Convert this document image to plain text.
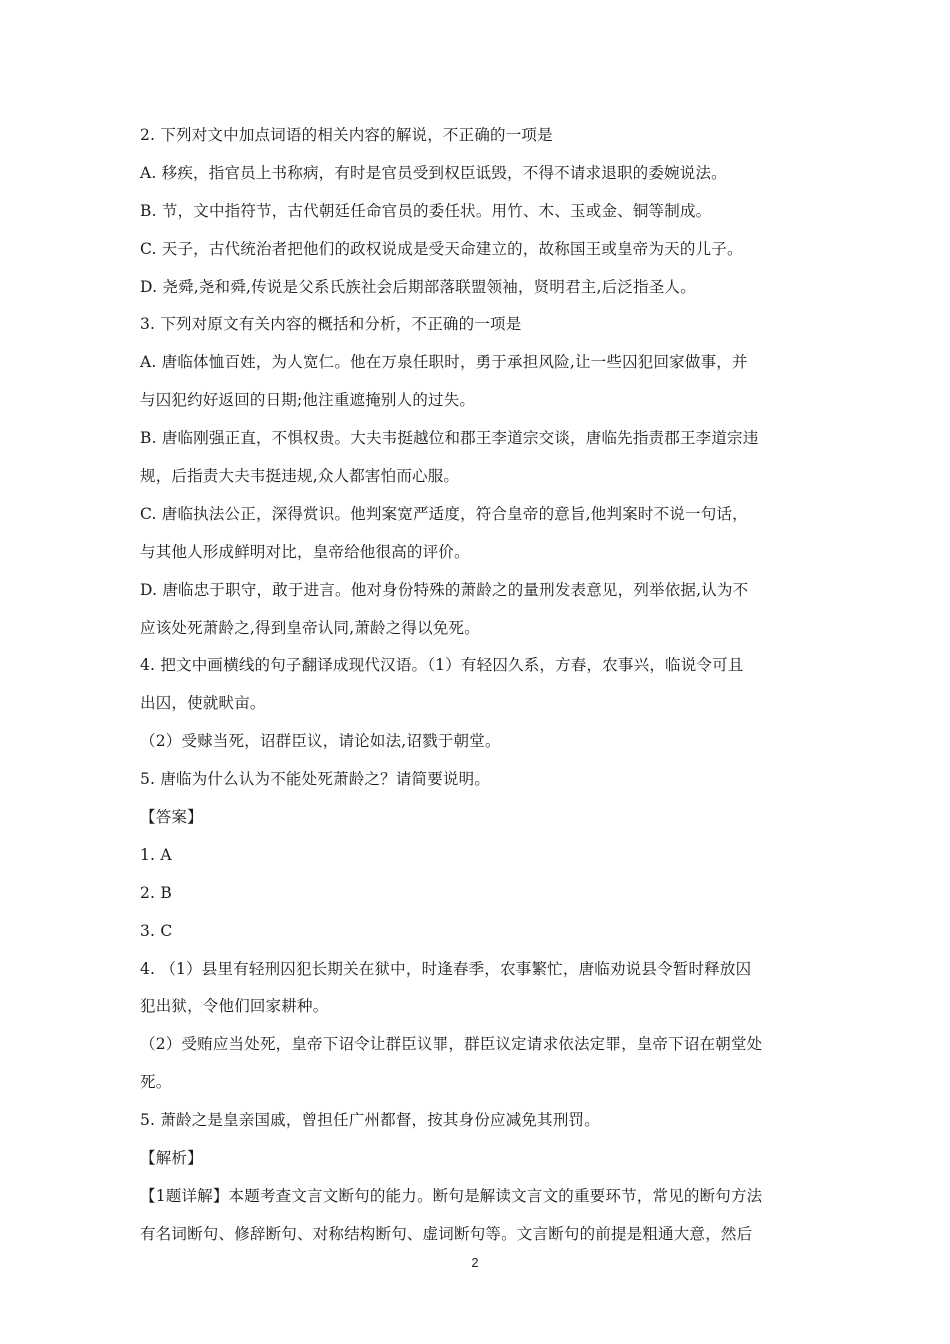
2. 下列对文中加点词语的相关内容的解说，不正确的一项是
A. 移疾，指官员上书称病，有时是官员受到权臣诋毁，不得不请求退职的委婉说法。
B. 节，文中指符节，古代朝廷任命官员的委任状。用竹、木、玉或金、铜等制成。
C. 天子，古代统治者把他们的政权说成是受天命建立的，故称国王或皇帝为天的儿子。
D. 尧舜,尧和舜,传说是父系氏族社会后期部落联盟领袖，贤明君主,后泛指圣人。
3. 下列对原文有关内容的概括和分析，不正确的一项是
A. 唐临体恤百姓，为人宽仁。他在万泉任职时，勇于承担风险,让一些囚犯回家做事，并
与囚犯约好返回的日期;他注重遮掩别人的过失。
B. 唐临刚强正直，不惧权贵。大夫韦挺越位和郡王李道宗交谈，唐临先指责郡王李道宗违
规，后指责大夫韦挺违规,众人都害怕而心服。
C. 唐临执法公正，深得赏识。他判案宽严适度，符合皇帝的意旨,他判案时不说一句话，
与其他人形成鲜明对比，皇帝给他很高的评价。
D. 唐临忠于职守，敢于进言。他对身份特殊的萧龄之的量刑发表意见，列举依据,认为不
应该处死萧龄之,得到皇帝认同,萧龄之得以免死。
4. 把文中画横线的句子翻译成现代汉语。（1）有轻囚久系，方春，农事兴，临说令可且
出囚，使就畎亩。
（2）受赇当死，诏群臣议，请论如法,诏戮于朝堂。
5. 唐临为什么认为不能处死萧龄之？请简要说明。
【答案】
1. A
2. B
3. C
4. （1）县里有轻刑囚犯长期关在狱中，时逢春季，农事繁忙，唐临劝说县令暂时释放囚
犯出狱，令他们回家耕种。
（2）受贿应当处死，皇帝下诏令让群臣议罪，群臣议定请求依法定罪，皇帝下诏在朝堂处
死。
5. 萧龄之是皇亲国戚，曾担任广州都督，按其身份应减免其刑罚。
【解析】
【1题详解】本题考查文言文断句的能力。断句是解读文言文的重要环节，常见的断句方法
有名词断句、修辞断句、对称结构断句、虚词断句等。文言断句的前提是粗通大意，然后
2
